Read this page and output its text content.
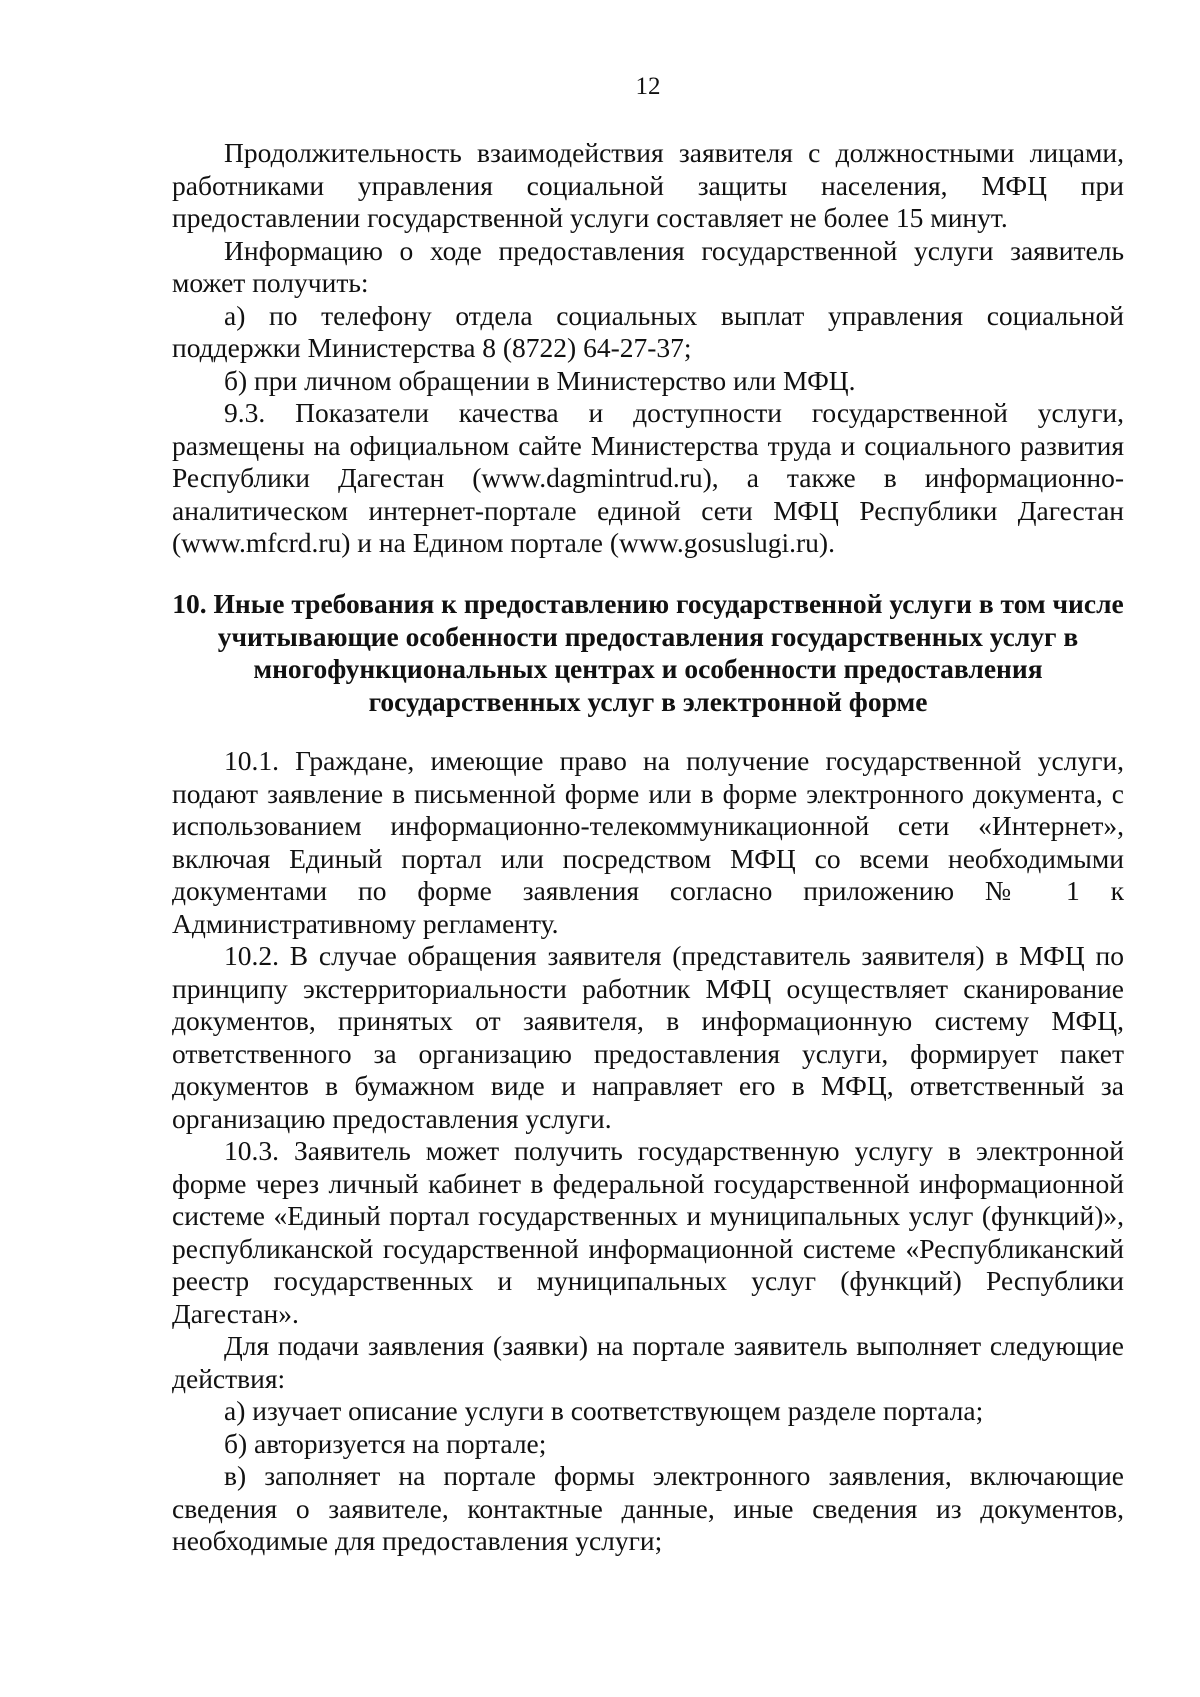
12

Продолжительность взаимодействия заявителя с должностными лицами, работниками управления социальной защиты населения, МФЦ при предоставлении государственной услуги составляет не более 15 минут.

Информацию о ходе предоставления государственной услуги заявитель может получить:

а) по телефону отдела социальных выплат управления социальной поддержки Министерства 8 (8722) 64-27-37;

б) при личном обращении в Министерство или МФЦ.

9.3. Показатели качества и доступности государственной услуги, размещены на официальном сайте Министерства труда и социального развития Республики Дагестан (www.dagmintrud.ru), а также в информационно-аналитическом интернет-портале единой сети МФЦ Республики Дагестан (www.mfcrd.ru) и на Едином портале (www.gosuslugi.ru).

10. Иные требования к предоставлению государственной услуги в том числе учитывающие особенности предоставления государственных услуг в многофункциональных центрах и особенности предоставления государственных услуг в электронной форме

10.1. Граждане, имеющие право на получение государственной услуги, подают заявление в письменной форме или в форме электронного документа, с использованием информационно-телекоммуникационной сети «Интернет», включая Единый портал или посредством МФЦ со всеми необходимыми документами по форме заявления согласно приложению № 1 к Административному регламенту.

10.2. В случае обращения заявителя (представитель заявителя) в МФЦ по принципу экстерриториальности работник МФЦ осуществляет сканирование документов, принятых от заявителя, в информационную систему МФЦ, ответственного за организацию предоставления услуги, формирует пакет документов в бумажном виде и направляет его в МФЦ, ответственный за организацию предоставления услуги.

10.3. Заявитель может получить государственную услугу в электронной форме через личный кабинет в федеральной государственной информационной системе «Единый портал государственных и муниципальных услуг (функций)», республиканской государственной информационной системе «Республиканский реестр государственных и муниципальных услуг (функций) Республики Дагестан».

Для подачи заявления (заявки) на портале заявитель выполняет следующие действия:

а) изучает описание услуги в соответствующем разделе портала;

б) авторизуется на портале;

в) заполняет на портале формы электронного заявления, включающие сведения о заявителе, контактные данные, иные сведения из документов, необходимые для предоставления услуги;
